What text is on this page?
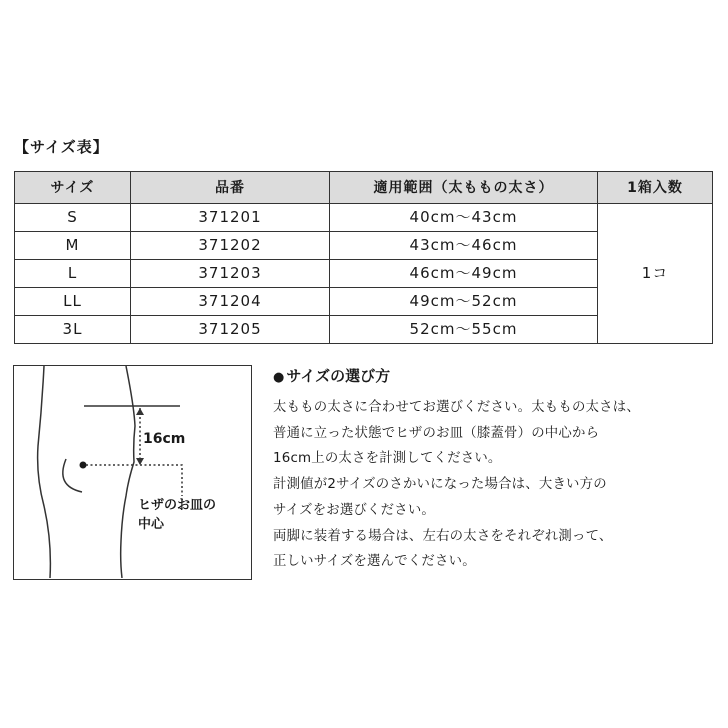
【サイズ表】
サイズ	品番	適用範囲（太ももの太さ）	1箱入数
S	371201	40cm～43cm	1コ
M	371202	43cm～46cm	
L	371203	46cm～49cm	
LL	371204	49cm～52cm	
3L	371205	52cm～55cm	
16cm
ヒザのお皿の
中心
● サイズの選び方
太ももの太さに合わせてお選びください。太ももの太さは、
普通に立った状態でヒザのお皿（膝蓋骨）の中心から
16cm上の太さを計測してください。
計測値が2サイズのさかいになった場合は、大きい方の
サイズをお選びください。
両脚に装着する場合は、左右の太さをそれぞれ測って、
正しいサイズを選んでください。
